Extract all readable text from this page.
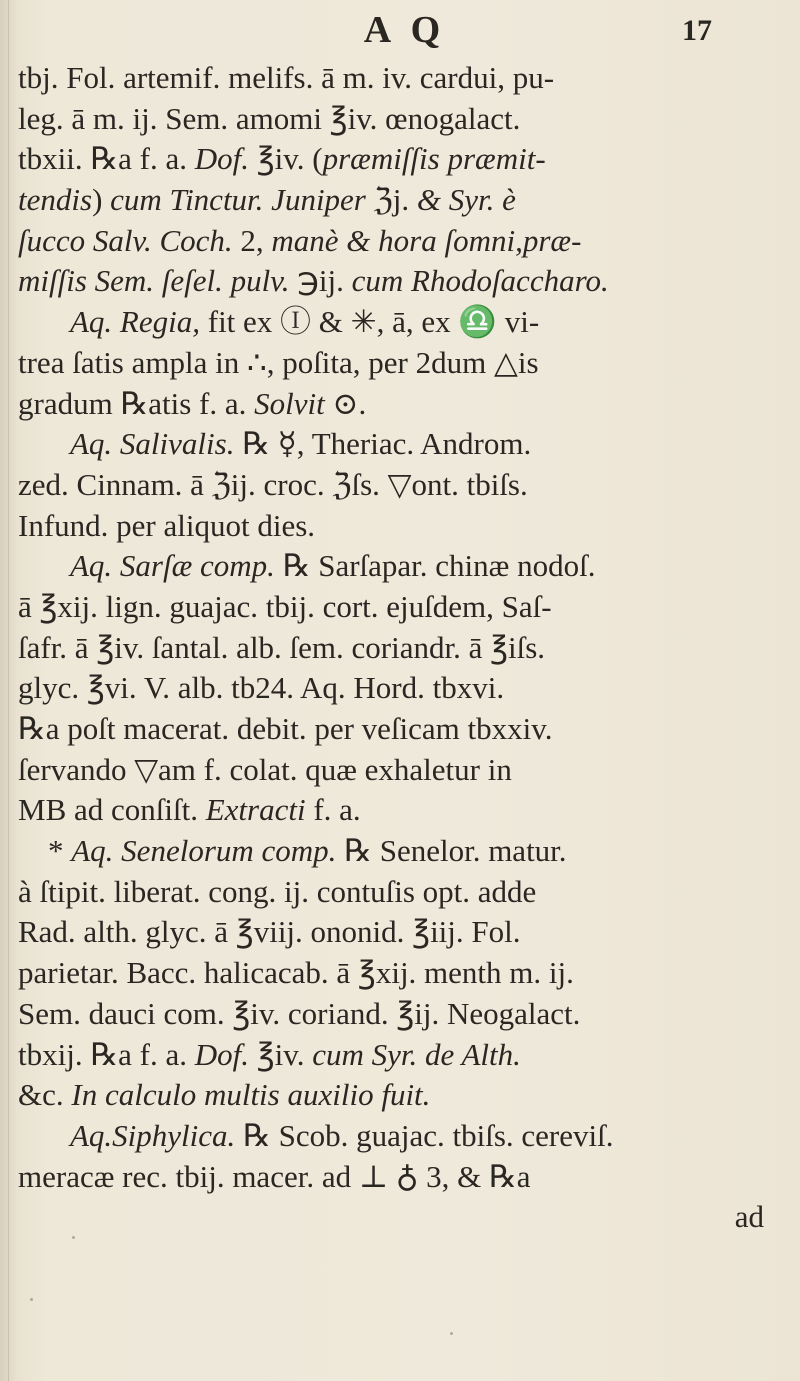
A Q	17
tbj. Fol. artemif. melifs. ā m. iv. cardui, pu-
leg. ā m. ij. Sem. amomi ℥iv. œnogalact.
tbxii. ℞a f. a. Dof. ℥iv. (præmiſſis præmit-
tendis) cum Tinctur. Juniper ℨj. & Syr. è
ſucco Salv. Coch. 2, manè & hora ſomni,præ-
miſſis Sem. ſeſel. pulv. ℈ij. cum Rhodoſaccharo.
Aq. Regia, fit ex Ⓘ & ✳, ā, ex ♎ vi-
trea ſatis ampla in ∴, poſita, per 2dum △is
gradum ℞atis f. a. Solvit ⊙.
Aq. Salivalis. ℞ ☿, Theriac. Androm.
zed. Cinnam. ā ℨij. croc. ℨſs. ▽ont. tbiſs.
Infund. per aliquot dies.
Aq. Sarſæ comp. ℞ Sarſapar. chinæ nodoſ.
ā ℥xij. lign. guajac. tbij. cort. ejuſdem, Saſ-
ſafr. ā ℥iv. ſantal. alb. ſem. coriandr. ā ℥iſs.
glyc. ℥vi. V. alb. tb24. Aq. Hord. tbxvi.
℞a poſt macerat. debit. per veſicam tbxxiv.
ſervando ▽am f. colat. quæ exhaletur in
MB ad conſiſt. Extracti f. a.
* Aq. Senelorum comp. ℞ Senelor. matur.
à ſtipit. liberat. cong. ij. contuſis opt. adde
Rad. alth. glyc. ā ℥viij. ononid. ℥iij. Fol.
parietar. Bacc. halicacab. ā ℥xij. menth m. ij.
Sem. dauci com. ℥iv. coriand. ℥ij. Neogalact.
tbxij. ℞a f. a. Dof. ℥iv. cum Syr. de Alth.
&c. In calculo multis auxilio fuit.
Aq.Siphylica. ℞ Scob. guajac. tbiſs. cereviſ.
meracæ rec. tbij. macer. ad ⊥ ♁ 3, & ℞a
ad
